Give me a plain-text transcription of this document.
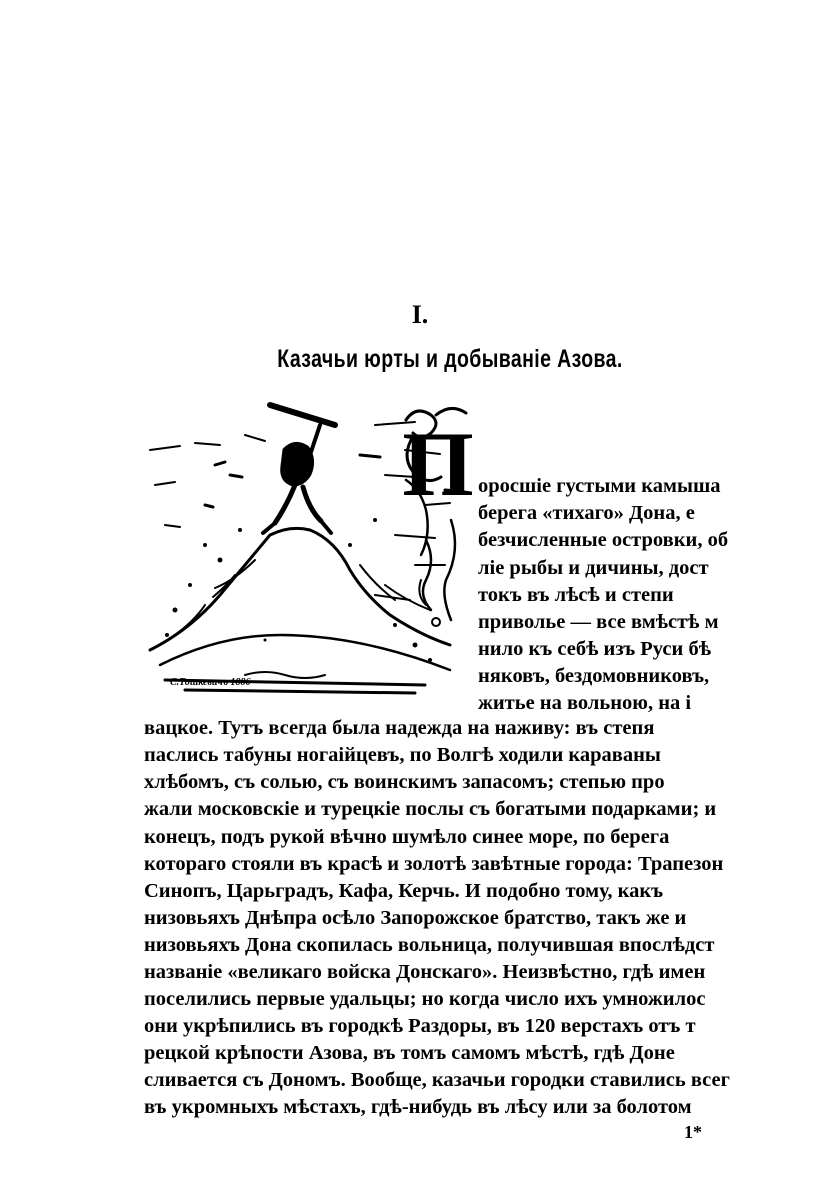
I.
Казачьи юрты и добываніе Азова.
С.Тошкевичъ 1886
П оросшіе густыми камыша
берега «тихаго» Дона, е
безчисленные островки, об
ліе рыбы и дичины, дост
токъ въ лѣсѣ и степи
приволье — все вмѣстѣ м
нило къ себѣ изъ Руси бѣ
няковъ, бездомовниковъ,
житье на вольною, на і
вацкое. Тутъ всегда была надежда на наживу: въ степя
паслись табуны ногаійцевъ, по Волгѣ ходили караваны
хлѣбомъ, съ солью, съ воинскимъ запасомъ; степью про
жали московскіе и турецкіе послы съ богатыми подарками; и
конецъ, подъ рукой вѣчно шумѣло синее море, по берега
котораго стояли въ красѣ и золотѣ завѣтные города: Трапезон
Синопъ, Царьградъ, Кафа, Керчь. И подобно тому, какъ
низовьяхъ Днѣпра осѣло Запорожское братство, такъ же и
низовьяхъ Дона скопилась вольница, получившая впослѣдст
названіе «великаго войска Донскаго». Неизвѣстно, гдѣ имен
поселились первые удальцы; но когда число ихъ умножилос
они укрѣпились въ городкѣ Раздоры, въ 120 верстахъ отъ т
рецкой крѣпости Азова, въ томъ самомъ мѣстѣ, гдѣ Доне
сливается съ Дономъ. Вообще, казачьи городки ставились всег
въ укромныхъ мѣстахъ, гдѣ-нибудь въ лѣсу или за болотом
1*
